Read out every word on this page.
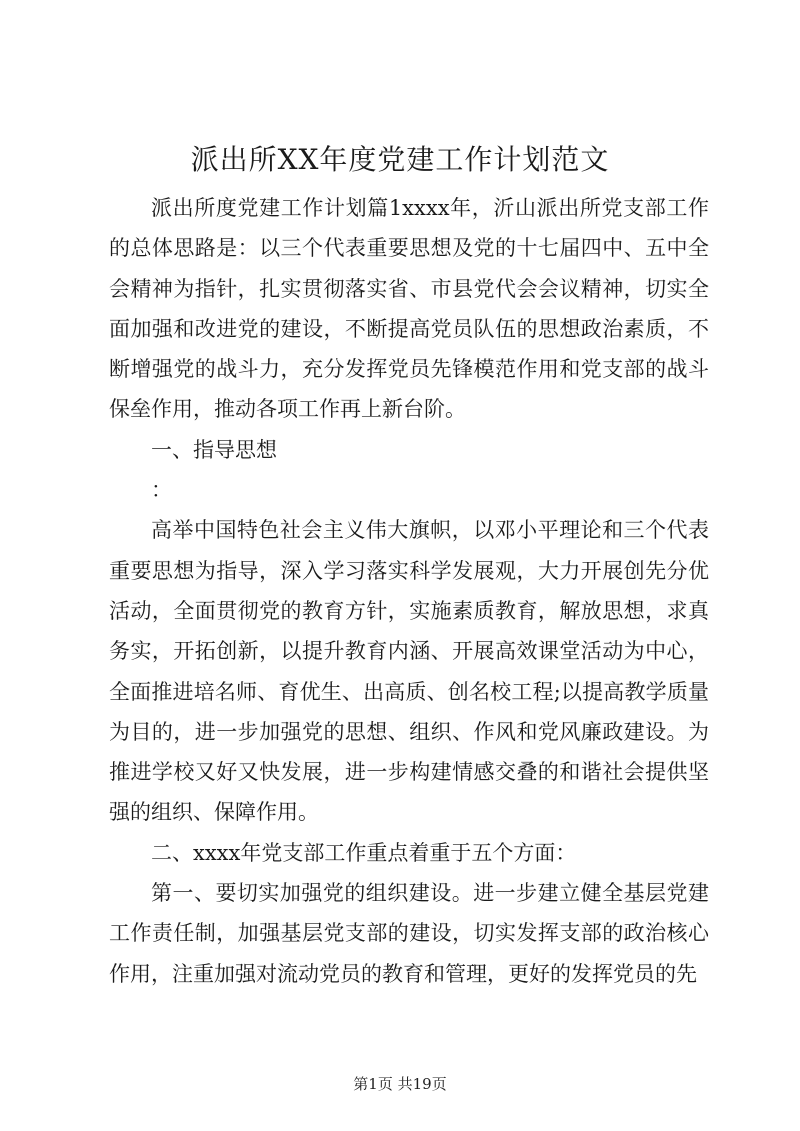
派出所XX年度党建工作计划范文

派出所度党建工作计划篇1xxxx年，沂山派出所党支部工作的总体思路是：以三个代表重要思想及党的十七届四中、五中全会精神为指针，扎实贯彻落实省、市县党代会会议精神，切实全面加强和改进党的建设，不断提高党员队伍的思想政治素质，不断增强党的战斗力，充分发挥党员先锋模范作用和党支部的战斗保垒作用，推动各项工作再上新台阶。

一、指导思想

：

高举中国特色社会主义伟大旗帜，以邓小平理论和三个代表重要思想为指导，深入学习落实科学发展观，大力开展创先分优活动，全面贯彻党的教育方针，实施素质教育，解放思想，求真务实，开拓创新，以提升教育内涵、开展高效课堂活动为中心，全面推进培名师、育优生、出高质、创名校工程;以提高教学质量为目的，进一步加强党的思想、组织、作风和党风廉政建设。为推进学校又好又快发展，进一步构建情感交叠的和谐社会提供坚强的组织、保障作用。

二、xxxx年党支部工作重点着重于五个方面：

第一、要切实加强党的组织建设。进一步建立健全基层党建工作责任制，加强基层党支部的建设，切实发挥支部的政治核心作用，注重加强对流动党员的教育和管理，更好的发挥党员的先

第1页 共19页
